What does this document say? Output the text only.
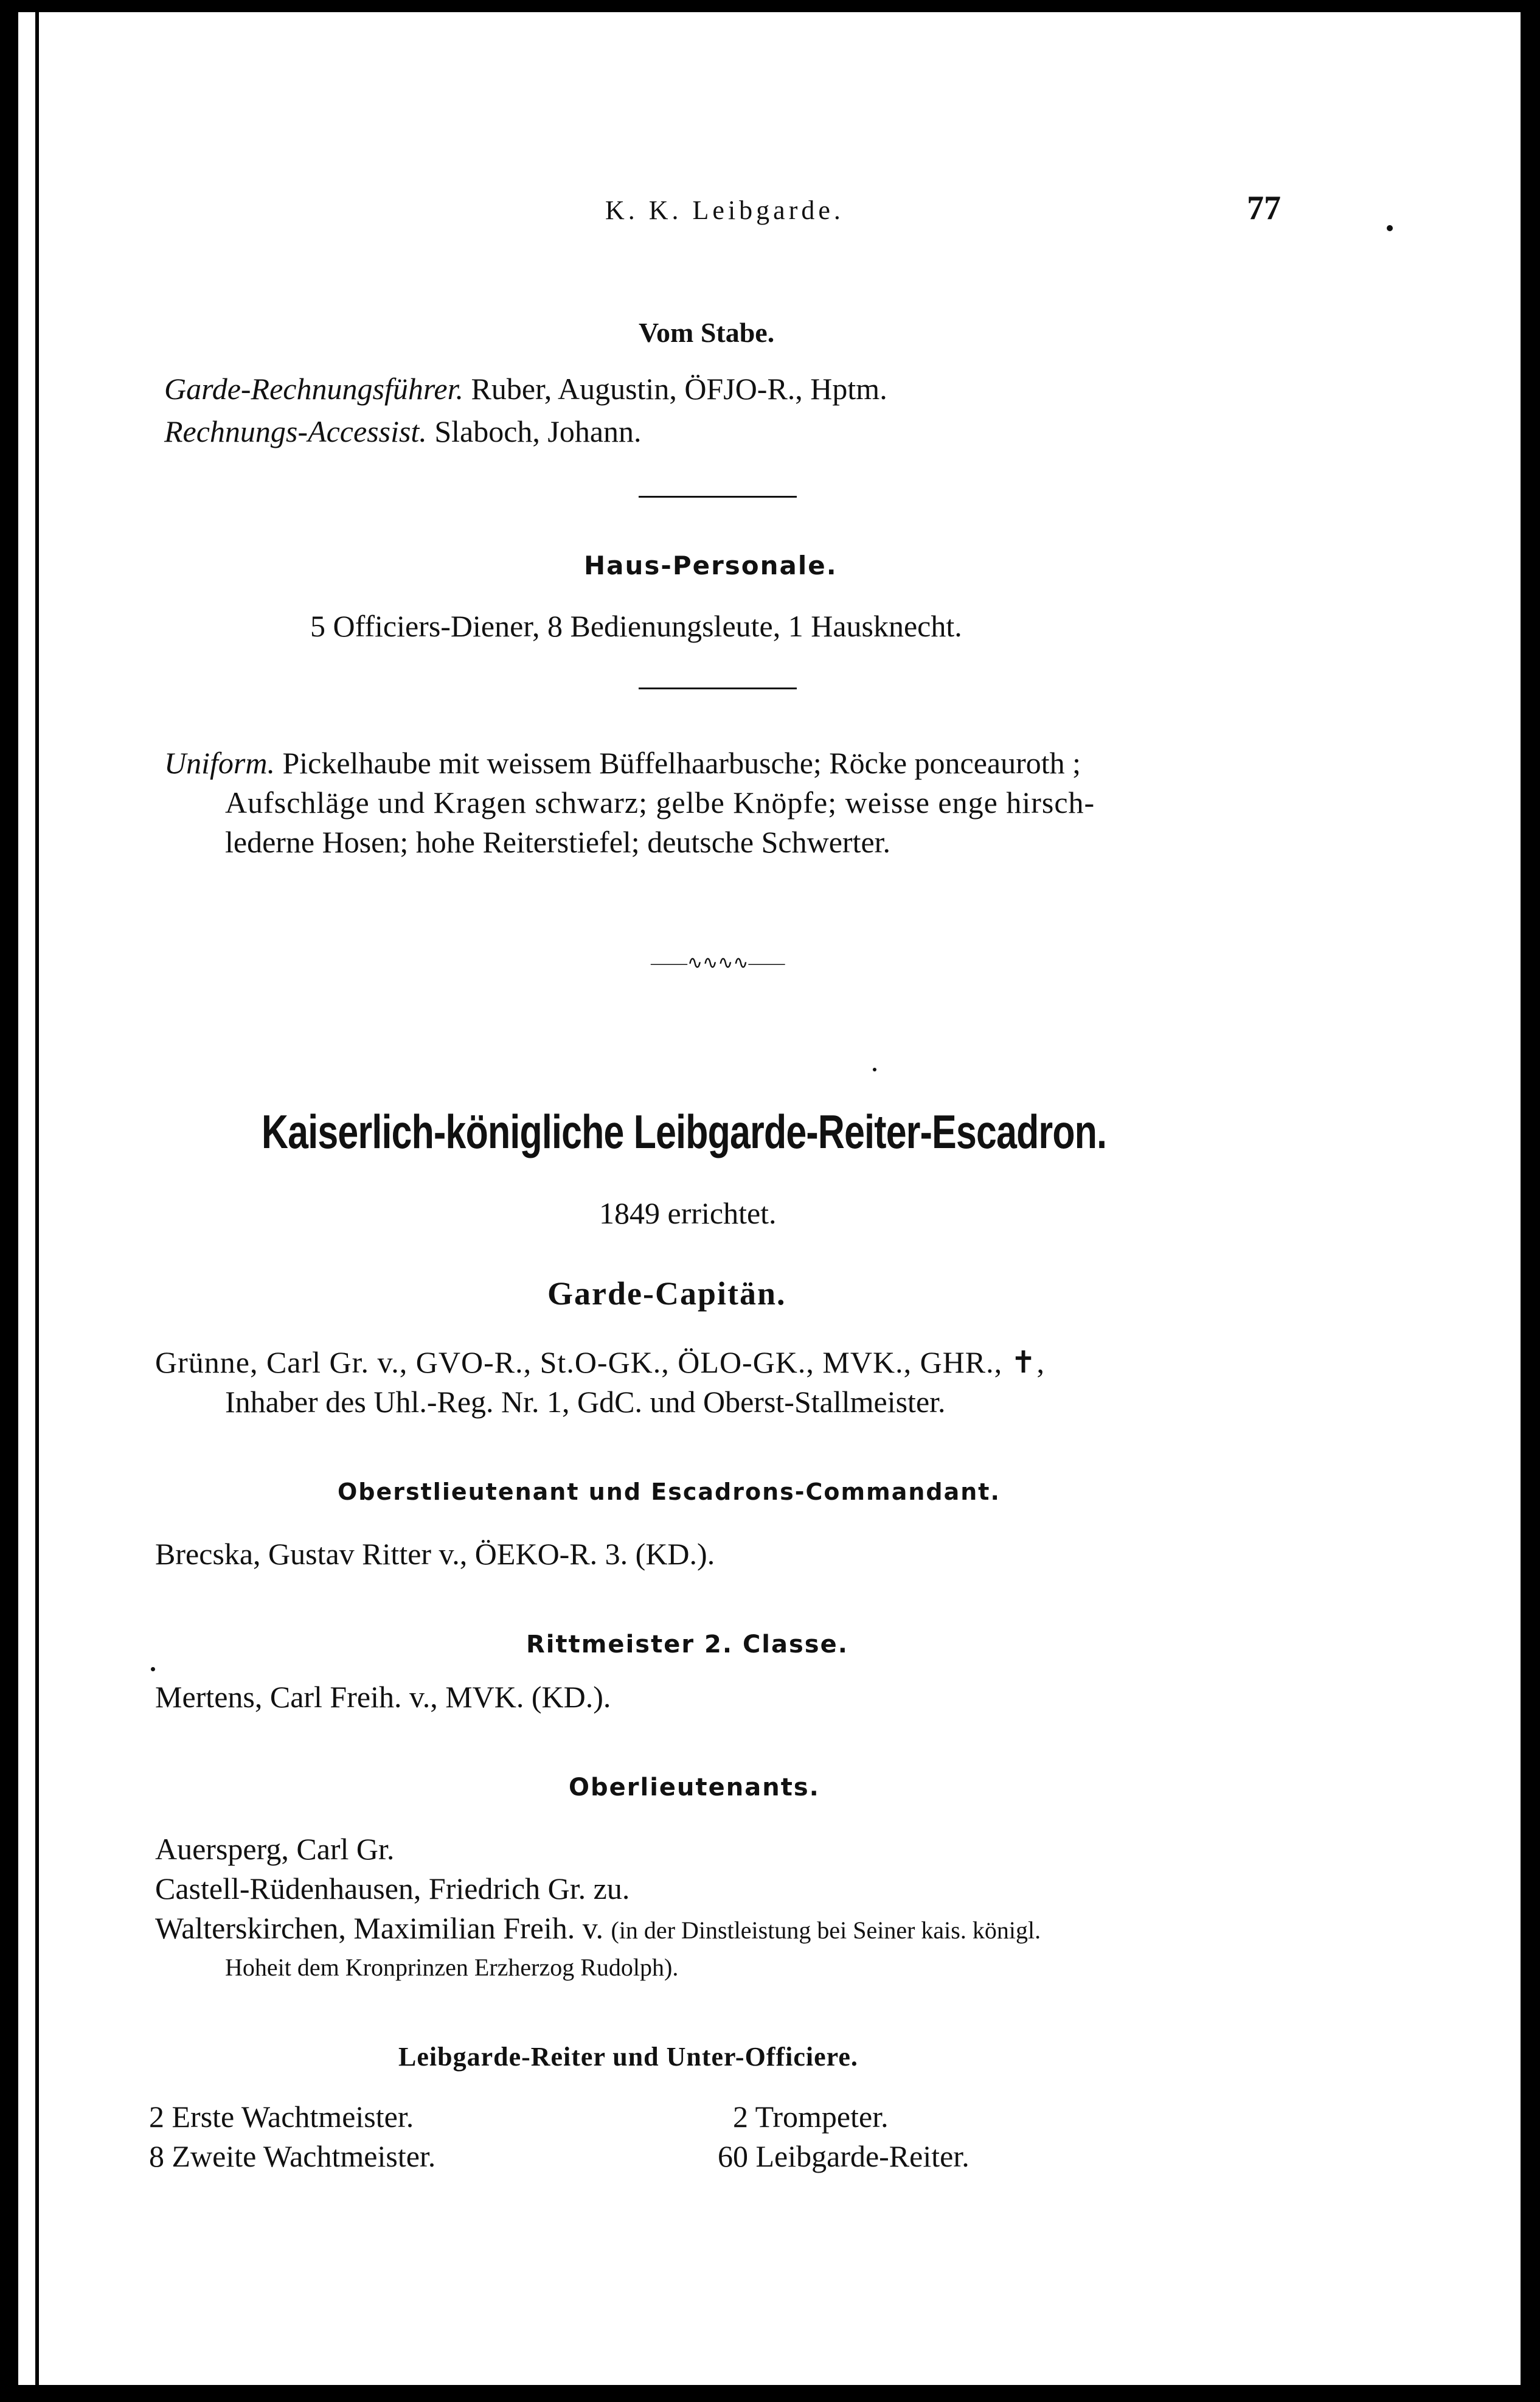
K. K. Leibgarde.	77
Vom Stabe.
Garde-Rechnungsführer. Ruber, Augustin, ÖFJO-R., Hptm.
Rechnungs-Accessist. Slaboch, Johann.
Haus-Personale.
5 Officiers-Diener, 8 Bedienungsleute, 1 Hausknecht.
Uniform. Pickelhaube mit weissem Büffelhaarbusche; Röcke ponceauroth ;
Aufschläge und Kragen schwarz; gelbe Knöpfe; weisse enge hirsch-
lederne Hosen; hohe Reiterstiefel; deutsche Schwerter.
——∿∿∿∿——
Kaiserlich-königliche Leibgarde-Reiter-Escadron.
1849 errichtet.
Garde-Capitän.
Grünne, Carl Gr. v., GVO-R., St.O-GK., ÖLO-GK., MVK., GHR., ✝,
Inhaber des Uhl.-Reg. Nr. 1, GdC. und Oberst-Stallmeister.
Oberstlieutenant und Escadrons-Commandant.
Brecska, Gustav Ritter v., ÖEKO-R. 3. (KD.).
Rittmeister 2. Classe.
Mertens, Carl Freih. v., MVK. (KD.).
Oberlieutenants.
Auersperg, Carl Gr.
Castell-Rüdenhausen, Friedrich Gr. zu.
Walterskirchen, Maximilian Freih. v. (in der Dinstleistung bei Seiner kais. königl.
Hoheit dem Kronprinzen Erzherzog Rudolph).
Leibgarde-Reiter und Unter-Officiere.
2 Erste Wachtmeister.
8 Zweite Wachtmeister.
2 Trompeter.
60 Leibgarde-Reiter.
